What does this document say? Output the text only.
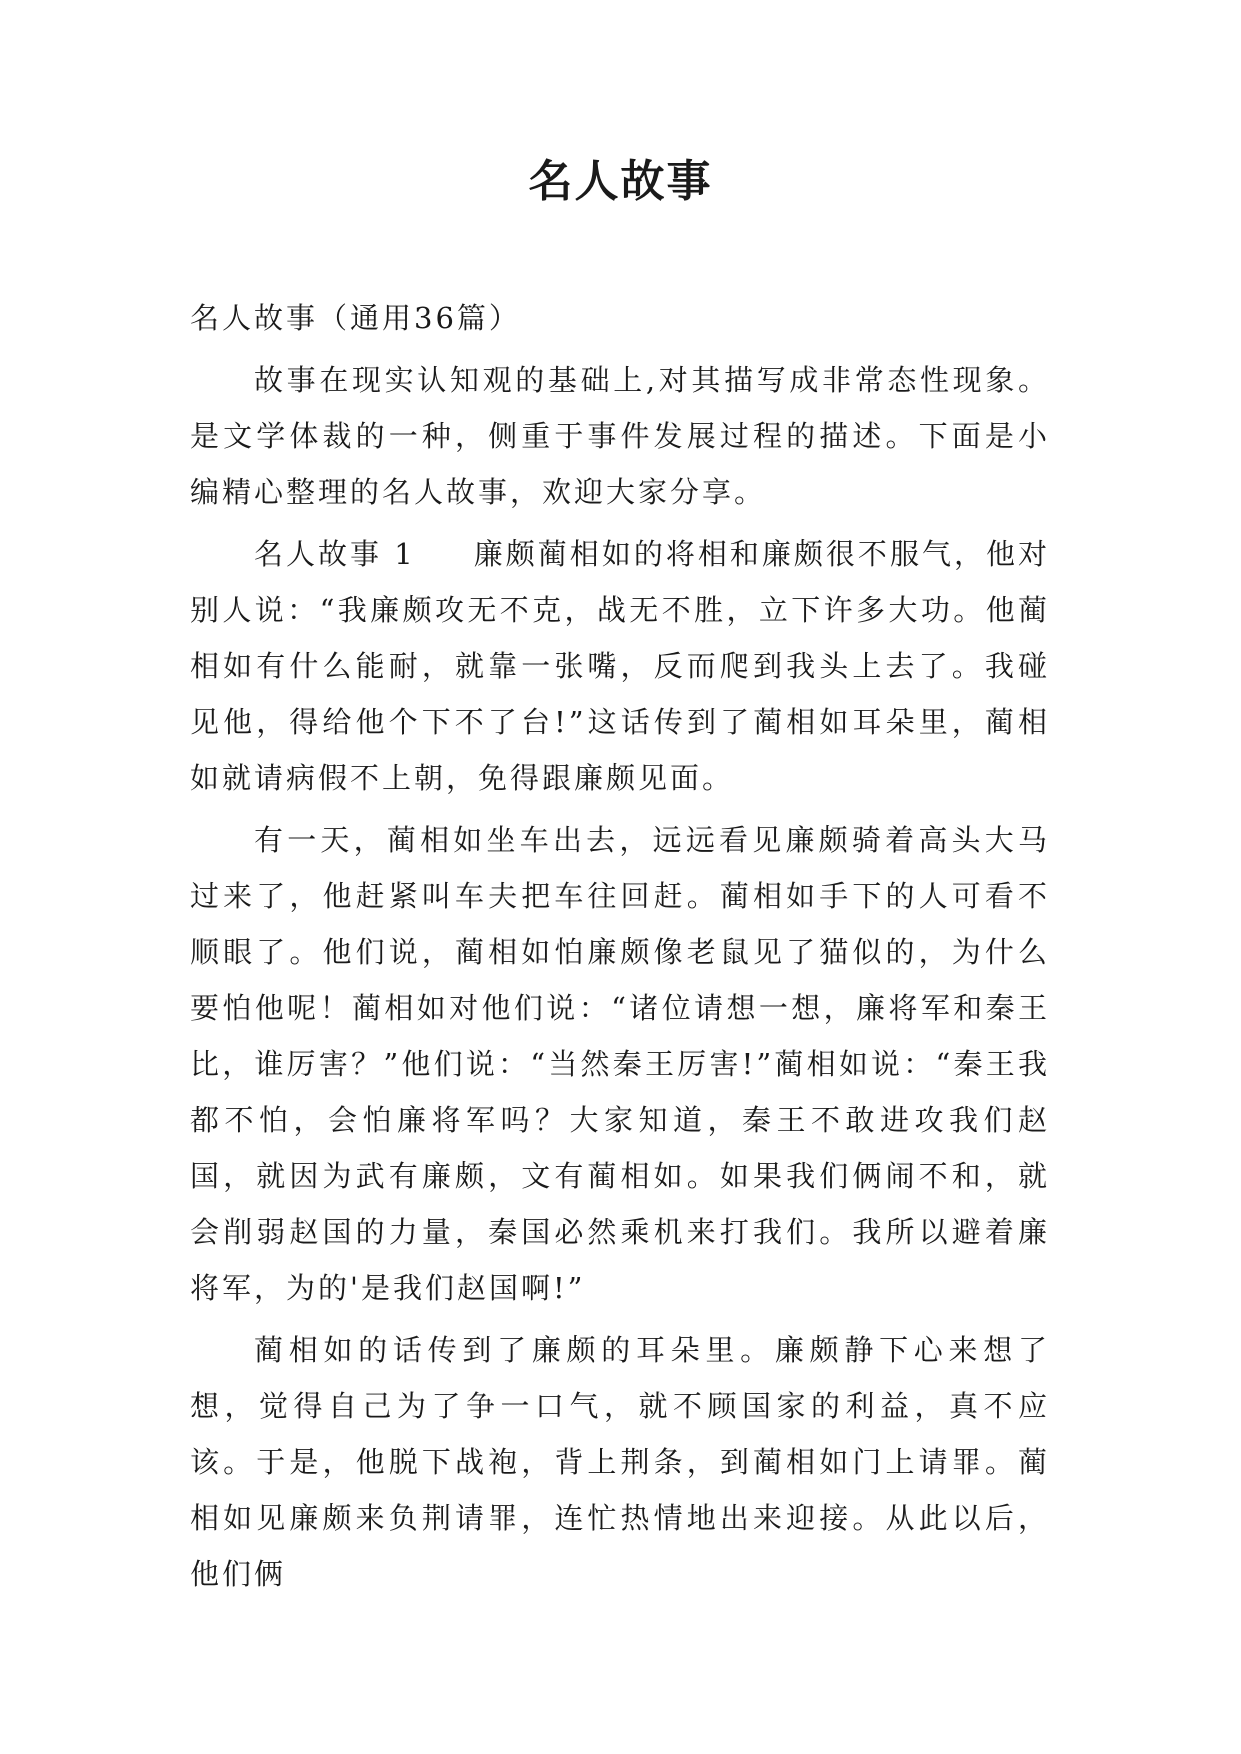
名人故事

名人故事（通用36篇）

故事在现实认知观的基础上,对其描写成非常态性现象。是文学体裁的一种，侧重于事件发展过程的描述。下面是小编精心整理的名人故事，欢迎大家分享。

名人故事 1 廉颇蔺相如的将相和廉颇很不服气，他对别人说：“我廉颇攻无不克，战无不胜，立下许多大功。他蔺相如有什么能耐，就靠一张嘴，反而爬到我头上去了。我碰见他，得给他个下不了台!”这话传到了蔺相如耳朵里，蔺相如就请病假不上朝，免得跟廉颇见面。

有一天，蔺相如坐车出去，远远看见廉颇骑着高头大马过来了，他赶紧叫车夫把车往回赶。蔺相如手下的人可看不顺眼了。他们说，蔺相如怕廉颇像老鼠见了猫似的，为什么要怕他呢！蔺相如对他们说：“诸位请想一想，廉将军和秦王比，谁厉害？”他们说：“当然秦王厉害!”蔺相如说：“秦王我都不怕，会怕廉将军吗？大家知道，秦王不敢进攻我们赵国，就因为武有廉颇，文有蔺相如。如果我们俩闹不和，就会削弱赵国的力量，秦国必然乘机来打我们。我所以避着廉将军，为的'是我们赵国啊!”

蔺相如的话传到了廉颇的耳朵里。廉颇静下心来想了想，觉得自己为了争一口气，就不顾国家的利益，真不应该。于是，他脱下战袍，背上荆条，到蔺相如门上请罪。蔺相如见廉颇来负荆请罪，连忙热情地出来迎接。从此以后，他们俩
